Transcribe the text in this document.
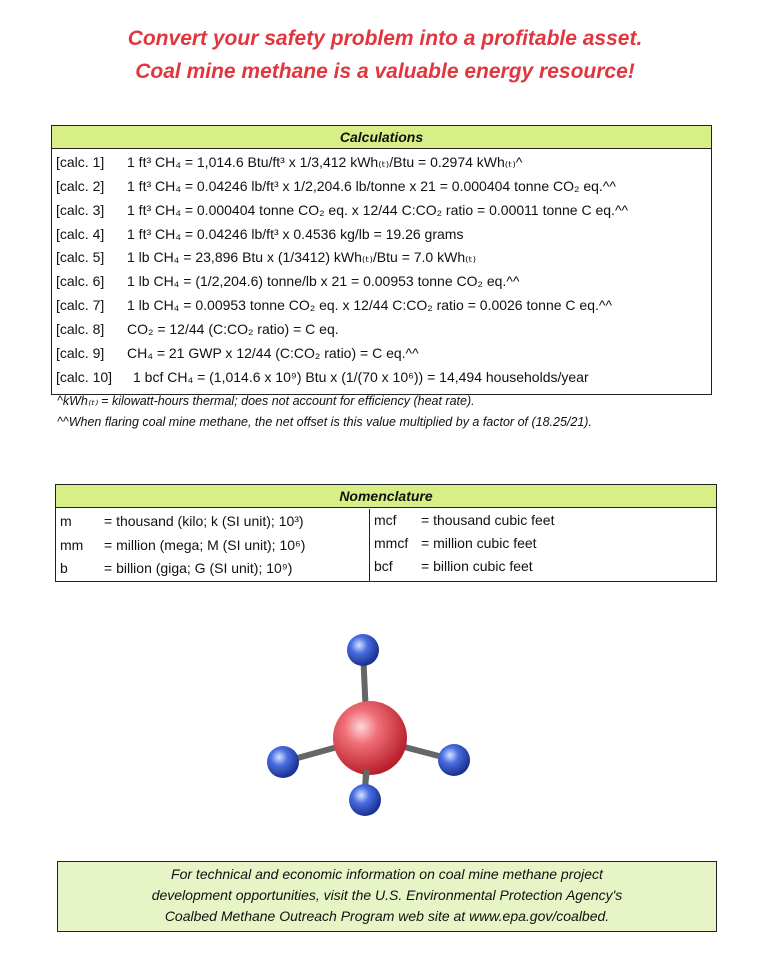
Convert your safety problem into a profitable asset.
Coal mine methane is a valuable energy resource!
Calculations
[calc. 1] 1 ft³ CH₄ = 1,014.6 Btu/ft³ x 1/3,412 kWh₍ₜ₎/Btu = 0.2974 kWh₍ₜ₎^
[calc. 2] 1 ft³ CH₄ = 0.04246 lb/ft³ x 1/2,204.6 lb/tonne x 21 = 0.000404 tonne CO₂ eq.^^
[calc. 3] 1 ft³ CH₄ = 0.000404 tonne CO₂ eq. x 12/44 C:CO₂ ratio = 0.00011 tonne C eq.^^
[calc. 4] 1 ft³ CH₄ = 0.04246 lb/ft³ x 0.4536 kg/lb = 19.26 grams
[calc. 5] 1 lb CH₄ = 23,896 Btu x (1/3412) kWh₍ₜ₎/Btu = 7.0 kWh₍ₜ₎
[calc. 6] 1 lb CH₄ = (1/2,204.6) tonne/lb x 21 = 0.00953 tonne CO₂ eq.^^
[calc. 7] 1 lb CH₄ = 0.00953 tonne CO₂ eq. x 12/44 C:CO₂ ratio = 0.0026 tonne C eq.^^
[calc. 8] CO₂ = 12/44 (C:CO₂ ratio) = C eq.
[calc. 9] CH₄ = 21 GWP x 12/44 (C:CO₂ ratio) = C eq.^^
[calc. 10] 1 bcf CH₄ = (1,014.6 x 10⁹) Btu x (1/(70 x 10⁶)) = 14,494 households/year
^kWh₍ₜ₎ = kilowatt-hours thermal; does not account for efficiency (heat rate).
^^When flaring coal mine methane, the net offset is this value multiplied by a factor of (18.25/21).
Nomenclature
m = thousand (kilo; k (SI unit); 10³)
mm = million (mega; M (SI unit); 10⁶)
b	= billion (giga; G (SI unit); 10⁹)
mcf = thousand cubic feet
mmcf = million cubic feet
bcf = billion cubic feet
For technical and economic information on coal mine methane project
development opportunities, visit the U.S. Environmental Protection Agency's
Coalbed Methane Outreach Program web site at www.epa.gov/coalbed.
